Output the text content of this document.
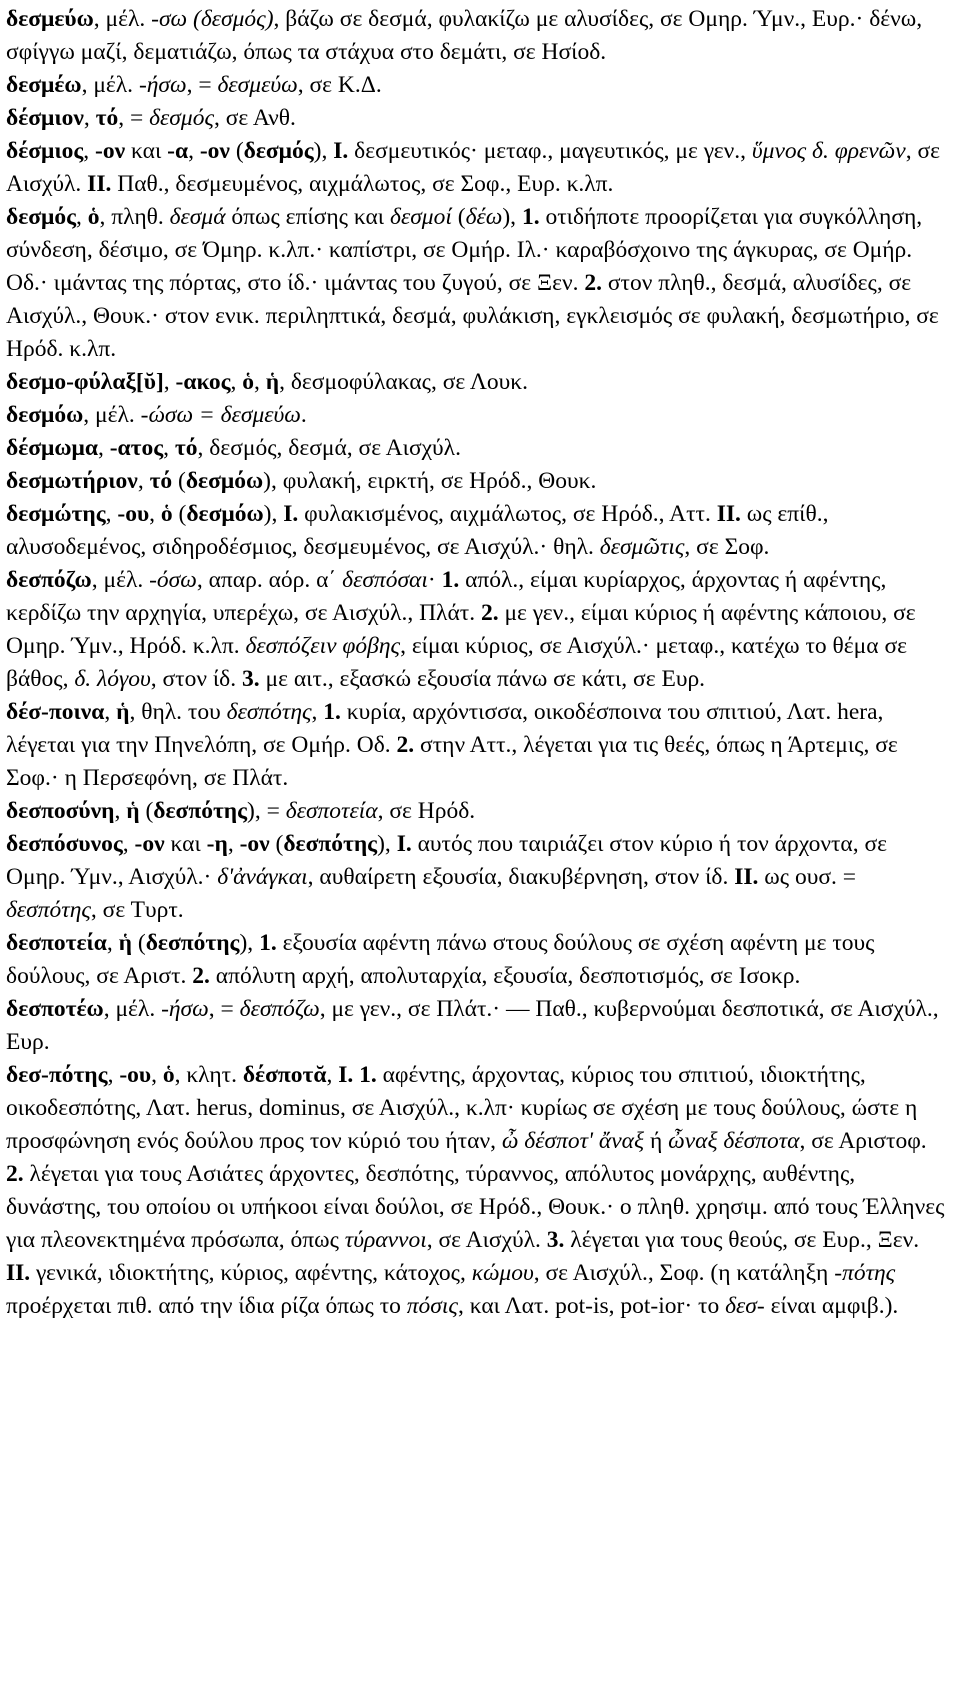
δεσμεύω, μέλ. -σω (δεσμός), βάζω σε δεσμά, φυλακίζω με αλυσίδες, σε Ομηρ. Ύμν., Ευρ.· δένω, σφίγγω μαζί, δεματιάζω, όπως τα στάχυα στο δεμάτι, σε Ησίοδ.
δεσμέω, μέλ. -ήσω, = δεσμεύω, σε Κ.Δ.
δέσμιον, τό, = δεσμός, σε Ανθ.
δέσμιος, -ον και -α, -ον (δεσμός), I. δεσμευτικός· μεταφ., μαγευτικός, με γεν., ὕμνος δ. φρενῶν, σε Αισχύλ. II. Παθ., δεσμευμένος, αιχμάλωτος, σε Σοφ., Ευρ. κ.λπ.
δεσμός, ὁ, πληθ. δεσμά όπως επίσης και δεσμοί (δέω), 1. οτιδήποτε προορίζεται για συγκόλληση, σύνδεση, δέσιμο, σε Όμηρ. κ.λπ.· καπίστρι, σε Ομήρ. Ιλ.· καραβόσχοινο της άγκυρας, σε Ομήρ. Οδ.· ιμάντας της πόρτας, στο ίδ.· ιμάντας του ζυγού, σε Ξεν. 2. στον πληθ., δεσμά, αλυσίδες, σε Αισχύλ., Θουκ.· στον ενικ. περιληπτικά, δεσμά, φυλάκιση, εγκλεισμός σε φυλακή, δεσμωτήριο, σε Ηρόδ. κ.λπ.
δεσμο-φύλαξ[ῠ], -ακος, ὁ, ἡ, δεσμοφύλακας, σε Λουκ.
δεσμόω, μέλ. -ώσω = δεσμεύω.
δέσμωμα, -ατος, τό, δεσμός, δεσμά, σε Αισχύλ.
δεσμωτήριον, τό (δεσμόω), φυλακή, ειρκτή, σε Ηρόδ., Θουκ.
δεσμώτης, -ου, ὁ (δεσμόω), I. φυλακισμένος, αιχμάλωτος, σε Ηρόδ., Αττ. II. ως επίθ., αλυσοδεμένος, σιδηροδέσμιος, δεσμευμένος, σε Αισχύλ.· θηλ. δεσμῶτις, σε Σοφ.
δεσπόζω, μέλ. -όσω, απαρ. αόρ. α΄ δεσπόσαι· 1. απόλ., είμαι κυρίαρχος, άρχοντας ή αφέντης, κερδίζω την αρχηγία, υπερέχω, σε Αισχύλ., Πλάτ. 2. με γεν., είμαι κύριος ή αφέντης κάποιου, σε Ομηρ. Ύμν., Ηρόδ. κ.λπ. δεσπόζειν φόβης, είμαι κύριος, σε Αισχύλ.· μεταφ., κατέχω το θέμα σε βάθος, δ. λόγου, στον ίδ. 3. με αιτ., εξασκώ εξουσία πάνω σε κάτι, σε Ευρ.
δέσ-ποινα, ἡ, θηλ. του δεσπότης, 1. κυρία, αρχόντισσα, οικοδέσποινα του σπιτιού, Λατ. hera, λέγεται για την Πηνελόπη, σε Ομήρ. Οδ. 2. στην Αττ., λέγεται για τις θεές, όπως η Άρτεμις, σε Σοφ.· η Περσεφόνη, σε Πλάτ.
δεσποσύνη, ἡ (δεσπότης), = δεσποτεία, σε Ηρόδ.
δεσπόσυνος, -ον και -η, -ον (δεσπότης), I. αυτός που ταιριάζει στον κύριο ή τον άρχοντα, σε Ομηρ. Ύμν., Αισχύλ.· δ'ἀνάγκαι, αυθαίρετη εξουσία, διακυβέρνηση, στον ίδ. II. ως ουσ. = δεσπότης, σε Τυρτ.
δεσποτεία, ἡ (δεσπότης), 1. εξουσία αφέντη πάνω στους δούλους σε σχέση αφέντη με τους δούλους, σε Αριστ. 2. απόλυτη αρχή, απολυταρχία, εξουσία, δεσποτισμός, σε Ισοκρ.
δεσποτέω, μέλ. -ήσω, = δεσπόζω, με γεν., σε Πλάτ.· — Παθ., κυβερνούμαι δεσποτικά, σε Αισχύλ., Ευρ.
δεσ-πότης, -ου, ὁ, κλητ. δέσποτᾰ, I. 1. αφέντης, άρχοντας, κύριος του σπιτιού, ιδιοκτήτης, οικοδεσπότης, Λατ. herus, dominus, σε Αισχύλ., κ.λπ· κυρίως σε σχέση με τους δούλους, ώστε η προσφώνηση ενός δούλου προς τον κύριό του ήταν, ὦ δέσποτ' ἄναξ ή ὦναξ δέσποτα, σε Αριστοφ. 2. λέγεται για τους Ασιάτες άρχοντες, δεσπότης, τύραννος, απόλυτος μονάρχης, αυθέντης, δυνάστης, του οποίου οι υπήκοοι είναι δούλοι, σε Ηρόδ., Θουκ.· ο πληθ. χρησιμ. από τους Έλληνες για πλεονεκτημένα πρόσωπα, όπως τύραννοι, σε Αισχύλ. 3. λέγεται για τους θεούς, σε Ευρ., Ξεν. II. γενικά, ιδιοκτήτης, κύριος, αφέντης, κάτοχος, κώμου, σε Αισχύλ., Σοφ. (η κατάληξη -πότης προέρχεται πιθ. από την ίδια ρίζα όπως το πόσις, και Λατ. pot-is, pot-ior· το δεσ- είναι αμφιβ.).
